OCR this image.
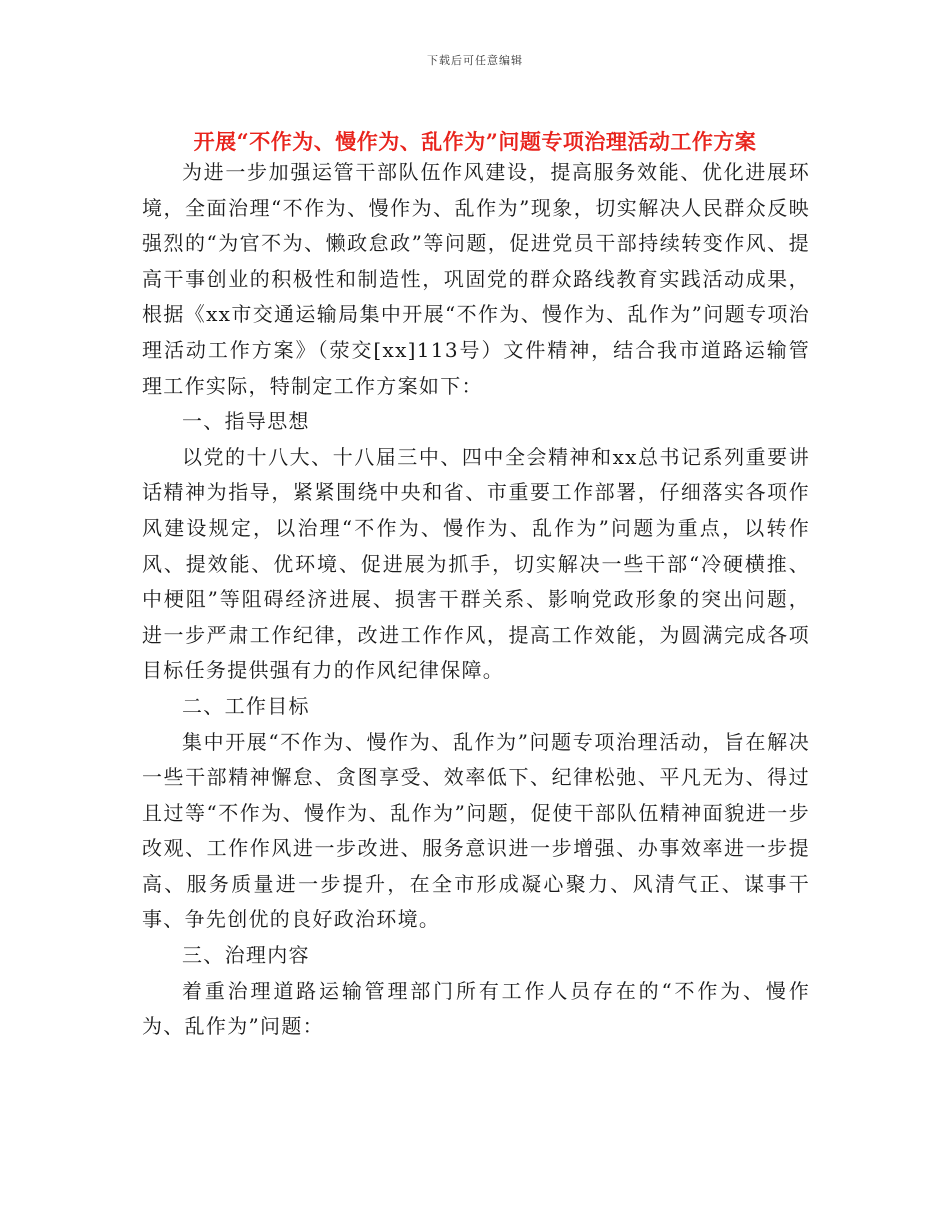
下载后可任意编辑
开展“不作为、慢作为、乱作为”问题专项治理活动工作方案

为进一步加强运管干部队伍作风建设，提高服务效能、优化进展环境，全面治理“不作为、慢作为、乱作为”现象，切实解决人民群众反映强烈的“为官不为、懒政怠政”等问题，促进党员干部持续转变作风、提高干事创业的积极性和制造性，巩固党的群众路线教育实践活动成果，根据《xx市交通运输局集中开展“不作为、慢作为、乱作为”问题专项治理活动工作方案》（荥交[xx]113号）文件精神，结合我市道路运输管理工作实际，特制定工作方案如下：

一、指导思想

以党的十八大、十八届三中、四中全会精神和xx总书记系列重要讲话精神为指导，紧紧围绕中央和省、市重要工作部署，仔细落实各项作风建设规定，以治理“不作为、慢作为、乱作为”问题为重点，以转作风、提效能、优环境、促进展为抓手，切实解决一些干部“冷硬横推、中梗阻”等阻碍经济进展、损害干群关系、影响党政形象的突出问题，进一步严肃工作纪律，改进工作作风，提高工作效能，为圆满完成各项目标任务提供强有力的作风纪律保障。

二、工作目标

集中开展“不作为、慢作为、乱作为”问题专项治理活动，旨在解决一些干部精神懈怠、贪图享受、效率低下、纪律松弛、平凡无为、得过且过等“不作为、慢作为、乱作为”问题，促使干部队伍精神面貌进一步改观、工作作风进一步改进、服务意识进一步增强、办事效率进一步提高、服务质量进一步提升，在全市形成凝心聚力、风清气正、谋事干事、争先创优的良好政治环境。

三、治理内容

着重治理道路运输管理部门所有工作人员存在的“不作为、慢作为、乱作为”问题：
